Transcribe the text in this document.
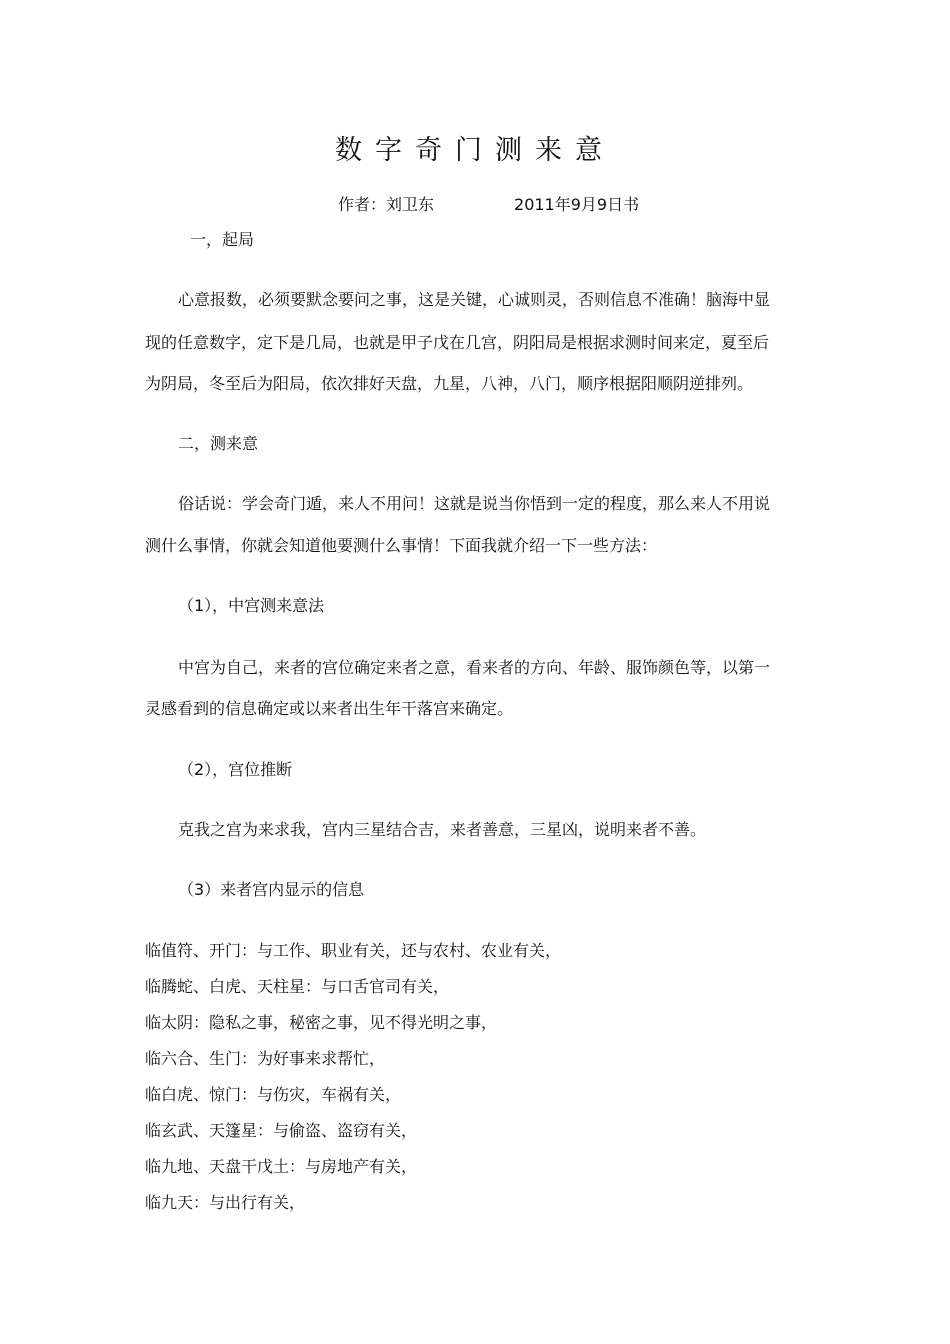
数字奇门测来意
作者：刘卫东	2011年9月9日书
一，起局
心意报数，必须要默念要问之事，这是关键，心诚则灵，否则信息不准确！脑海中显
现的任意数字，定下是几局，也就是甲子戊在几宫，阴阳局是根据求测时间来定，夏至后
为阴局，冬至后为阳局，依次排好天盘，九星，八神，八门，顺序根据阳顺阴逆排列。
二，测来意
俗话说：学会奇门遁，来人不用问！这就是说当你悟到一定的程度，那么来人不用说
测什么事情，你就会知道他要测什么事情！下面我就介绍一下一些方法：
（1），中宫测来意法
中宫为自己，来者的宫位确定来者之意，看来者的方向、年龄、服饰颜色等，以第一
灵感看到的信息确定或以来者出生年干落宫来确定。
（2），宫位推断
克我之宫为来求我，宫内三星结合吉，来者善意，三星凶，说明来者不善。
（3）来者宫内显示的信息
临值符、开门：与工作、职业有关，还与农村、农业有关，
临腾蛇、白虎、天柱星：与口舌官司有关，
临太阴：隐私之事，秘密之事，见不得光明之事，
临六合、生门：为好事来求帮忙，
临白虎、惊门：与伤灾，车祸有关，
临玄武、天篷星：与偷盗、盗窃有关，
临九地、天盘干戊土：与房地产有关，
临九天：与出行有关，
